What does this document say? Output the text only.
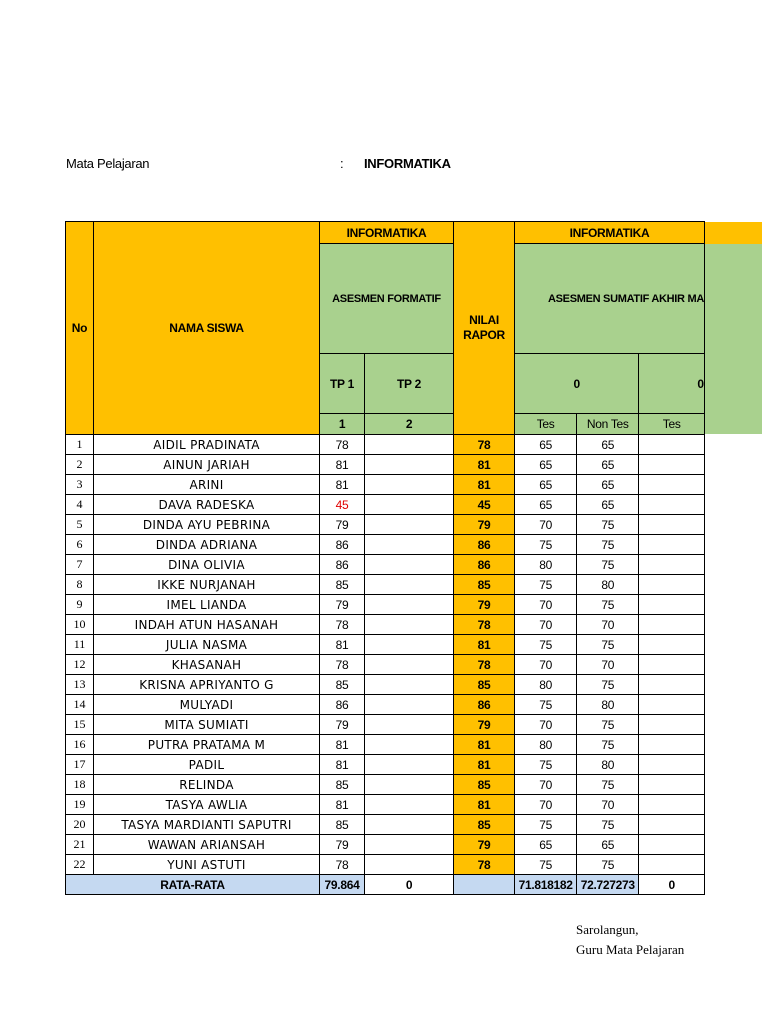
Mata Pelajaran	: INFORMATIKA
No	NAMA SISWA	INFORMATIKA		NILAI RAPOR	INFORMATIKA		
		ASESMEN FORMATIF			ASESMEN SUMATIF AKHIR MA		
		TP 1	TP 2		0		0
		1	2		Tes	Non Tes	Tes
1	AIDIL PRADINATA	78		78	65	65	
2	AINUN JARIAH	81		81	65	65	
3	ARINI	81		81	65	65	
4	DAVA RADESKA	45		45	65	65	
5	DINDA AYU PEBRINA	79		79	70	75	
6	DINDA ADRIANA	86		86	75	75	
7	DINA OLIVIA	86		86	80	75	
8	IKKE NURJANAH	85		85	75	80	
9	IMEL LIANDA	79		79	70	75	
10	INDAH ATUN HASANAH	78		78	70	70	
11	JULIA NASMA	81		81	75	75	
12	KHASANAH	78		78	70	70	
13	KRISNA APRIYANTO G	85		85	80	75	
14	MULYADI	86		86	75	80	
15	MITA SUMIATI	79		79	70	75	
16	PUTRA PRATAMA M	81		81	80	75	
17	PADIL	81		81	75	80	
18	RELINDA	85		85	70	75	
19	TASYA AWLIA	81		81	70	70	
20	TASYA MARDIANTI SAPUTRI	85		85	75	75	
21	WAWAN ARIANSAH	79		79	65	65	
22	YUNI ASTUTI	78		78	75	75	
RATA-RATA		79.864	0		71.818182	72.727273	0
Sarolangun,
Guru Mata Pelajaran
